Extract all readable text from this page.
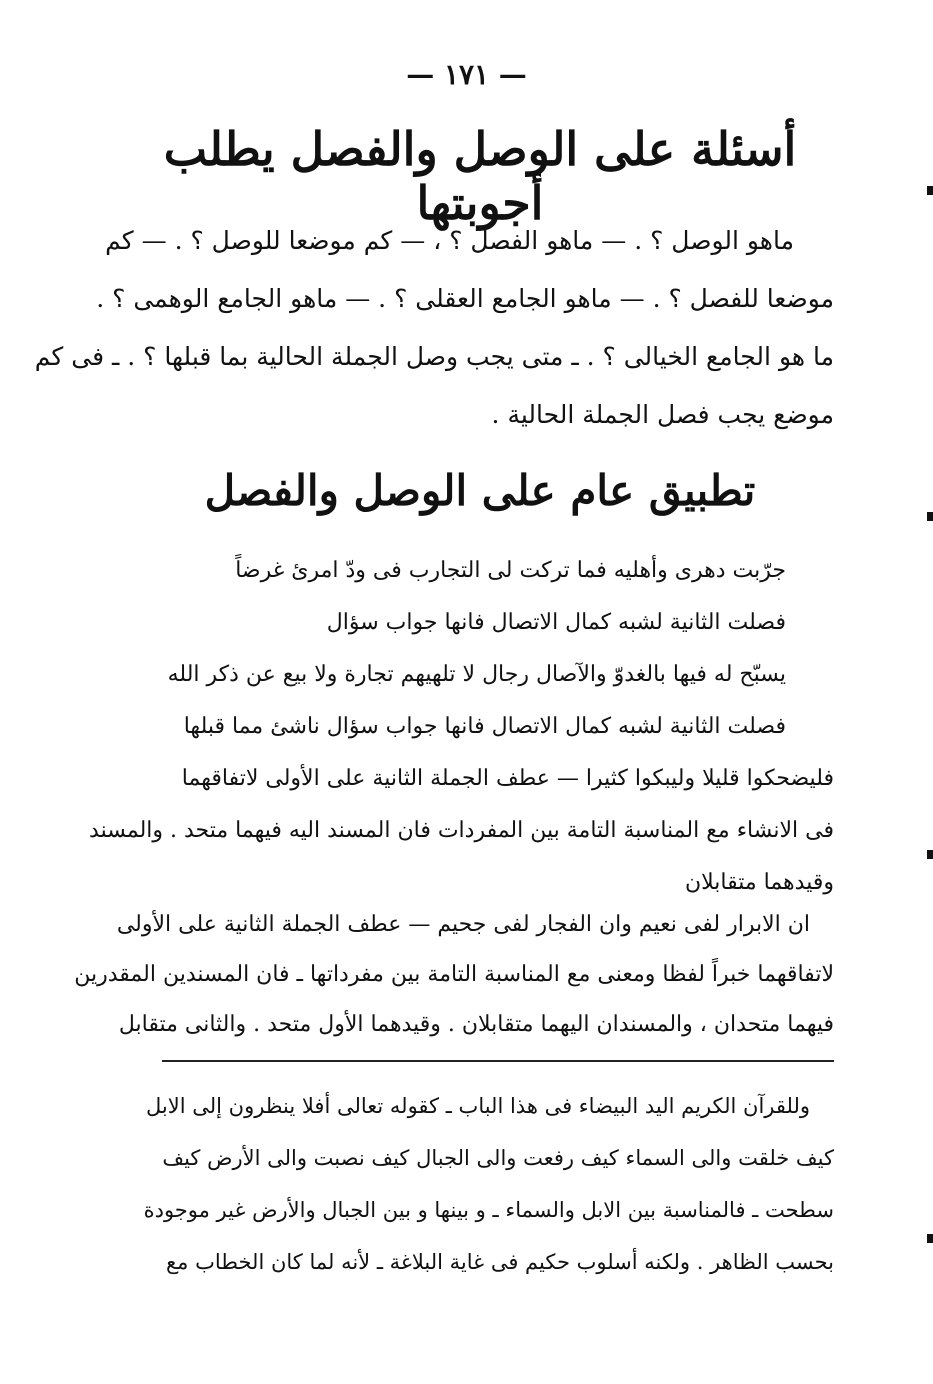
— ١٧١ —
أسئلة على الوصل والفصل يطلب أجوبتها
ماهو الوصل ؟ . — ماهو الفصل ؟ ، — كم موضعا للوصل ؟ . — كم
موضعا للفصل ؟ . — ماهو الجامع العقلى ؟ . — ماهو الجامع الوهمى ؟ .
ما هو الجامع الخيالى ؟ . ـ متى يجب وصل الجملة الحالية بما قبلها ؟ . ـ فى كم
موضع يجب فصل الجملة الحالية .
تطبيق عام على الوصل والفصل
جرّبت دهرى وأهليه فما تركت لى التجارب فى ودّ امرئ غرضاً
فصلت الثانية لشبه كمال الاتصال فانها جواب سؤال
يسبّح له فيها بالغدوّ والآصال رجال لا تلهيهم تجارة ولا بيع عن ذكر الله
فصلت الثانية لشبه كمال الاتصال فانها جواب سؤال ناشئ مما قبلها
فليضحكوا قليلا وليبكوا كثيرا — عطف الجملة الثانية على الأولى لاتفاقهما
فى الانشاء مع المناسبة التامة بين المفردات فان المسند اليه فيهما متحد . والمسند
وقيدهما متقابلان
ان الابرار لفى نعيم وان الفجار لفى جحيم — عطف الجملة الثانية على الأولى
لاتفاقهما خبراً لفظا ومعنى مع المناسبة التامة بين مفرداتها ـ فان المسندين المقدرين
فيهما متحدان ، والمسندان اليهما متقابلان . وقيدهما الأول متحد . والثانى متقابل
وللقرآن الكريم اليد البيضاء فى هذا الباب ـ كقوله تعالى أفلا ينظرون إلى الابل
كيف خلقت والى السماء كيف رفعت والى الجبال كيف نصبت والى الأرض كيف
سطحت ـ فالمناسبة بين الابل والسماء ـ و بينها و بين الجبال والأرض غير موجودة
بحسب الظاهر . ولكنه أسلوب حكيم فى غاية البلاغة ـ لأنه لما كان الخطاب مع
